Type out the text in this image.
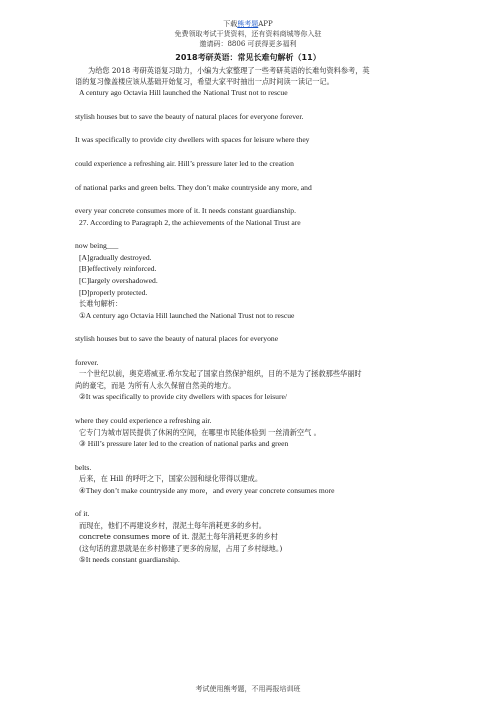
下载熊考题APP
免费领取考试干货资料，还有资料商城等你入驻
邀请码：8806 可获得更多福利
2018考研英语：常见长难句解析（11）
为给您 2018 考研英语复习助力，小编为大家整理了一些考研英语的长难句资料参考，英
语的复习像盖楼应该从基础开始复习，希望大家平时抽出一点时间读一读记一记。
A century ago Octavia Hill launched the National Trust not to rescue
stylish houses but to save the beauty of natural places for everyone forever.
It was specifically to provide city dwellers with spaces for leisure where they
could experience a refreshing air. Hill’s pressure later led to the creation
of national parks and green belts. They don’t make countryside any more, and
every year concrete consumes more of it. It needs constant guardianship.
27. According to Paragraph 2, the achievements of the National Trust are
now being___
[A]gradually destroyed.
[B]effectively reinforced.
[C]largely overshadowed.
[D]properly protected.
长难句解析：
①A century ago Octavia Hill launched the National Trust not to rescue
stylish houses but to save the beauty of natural places for everyone
forever.
一个世纪以前，奥克塔威亚.希尔发起了国家自然保护组织，目的不是为了拯救那些华丽时
尚的豪宅，而是 为所有人永久保留自然美的地方。
②It was specifically to provide city dwellers with spaces for leisure/
where they could experience a refreshing air.
它专门为城市居民提供了休闲的空间，在哪里市民能体验到 一丝清新空气 。
③ Hill’s pressure later led to the creation of national parks and green
belts.
后来，在 Hill 的呼吁之下，国家公园和绿化带得以建成。
④They don’t make countryside any more，and every year concrete consumes more
of it.
而现在，他们不再建设乡村，混泥土每年消耗更多的乡村。
concrete consumes more of it. 混泥土每年消耗更多的乡村
(这句话的意思就是在乡村修建了更多的房屋，占用了乡村绿地。)
⑤It needs constant guardianship.
考试使用熊考题，不用再报培训班
